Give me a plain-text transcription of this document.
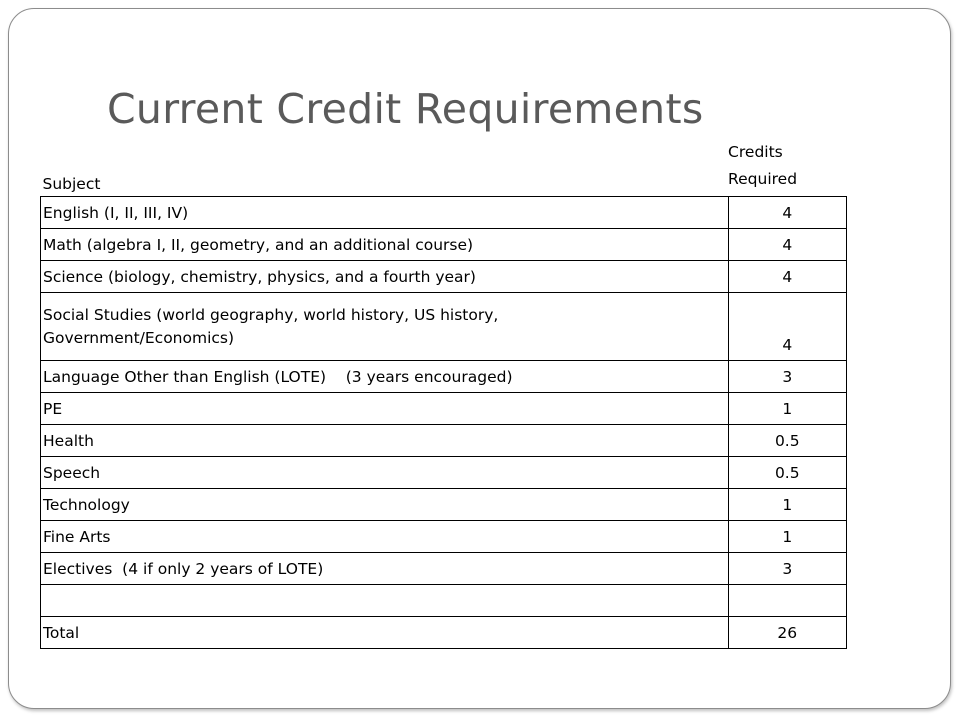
Current Credit Requirements
Subject	Credits
Required
English (I, II, III, IV)	4
Math (algebra I, II, geometry, and an additional course)	4
Science (biology, chemistry, physics, and a fourth year)	4
Social Studies (world geography, world history, US history,
Government/Economics)	4
Language Other than English (LOTE)    (3 years encouraged)	3
PE	1
Health	0.5
Speech	0.5
Technology	1
Fine Arts	1
Electives  (4 if only 2 years of LOTE)	3

Total	26
